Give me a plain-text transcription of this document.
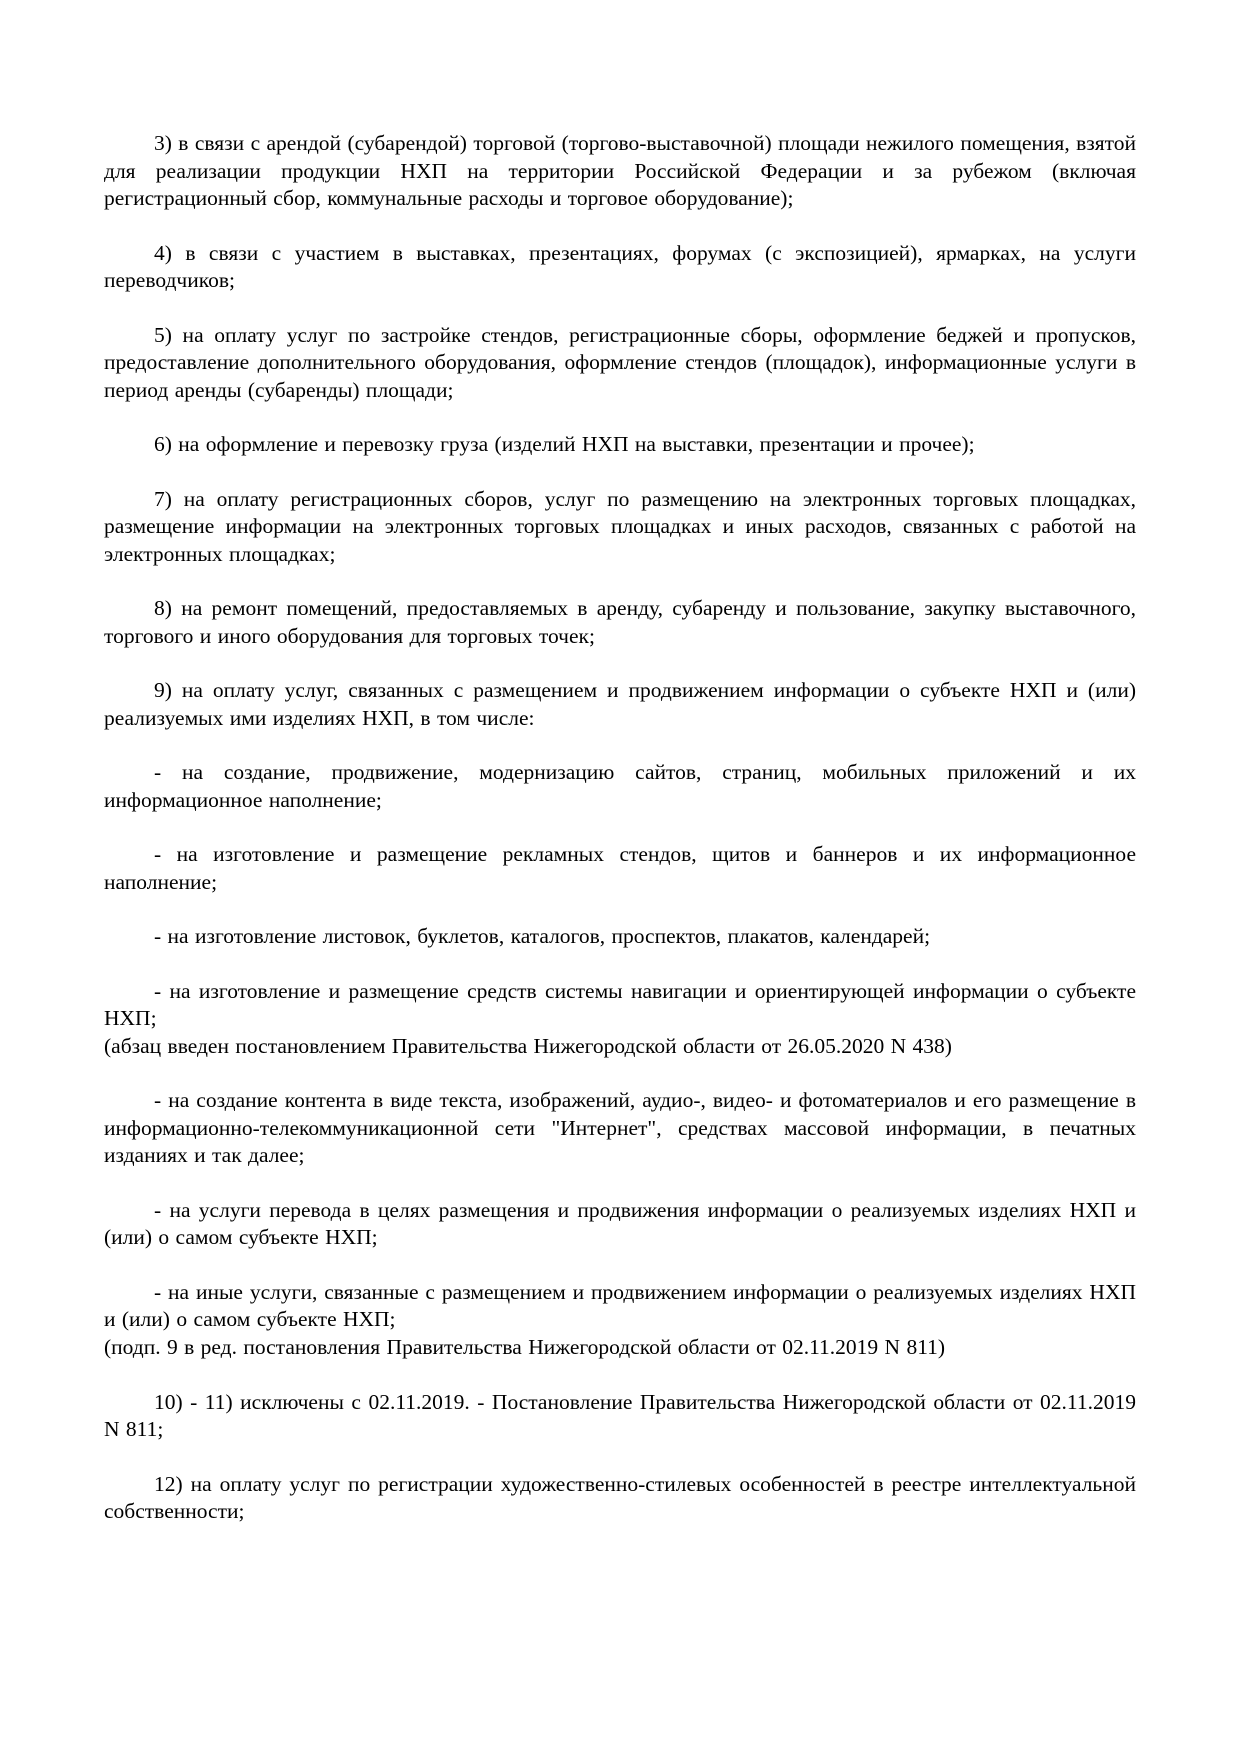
3) в связи с арендой (субарендой) торговой (торгово-выставочной) площади нежилого помещения, взятой для реализации продукции НХП на территории Российской Федерации и за рубежом (включая регистрационный сбор, коммунальные расходы и торговое оборудование);

4) в связи с участием в выставках, презентациях, форумах (с экспозицией), ярмарках, на услуги переводчиков;

5) на оплату услуг по застройке стендов, регистрационные сборы, оформление беджей и пропусков, предоставление дополнительного оборудования, оформление стендов (площадок), информационные услуги в период аренды (субаренды) площади;

6) на оформление и перевозку груза (изделий НХП на выставки, презентации и прочее);

7) на оплату регистрационных сборов, услуг по размещению на электронных торговых площадках, размещение информации на электронных торговых площадках и иных расходов, связанных с работой на электронных площадках;

8) на ремонт помещений, предоставляемых в аренду, субаренду и пользование, закупку выставочного, торгового и иного оборудования для торговых точек;

9) на оплату услуг, связанных с размещением и продвижением информации о субъекте НХП и (или) реализуемых ими изделиях НХП, в том числе:

- на создание, продвижение, модернизацию сайтов, страниц, мобильных приложений и их информационное наполнение;

- на изготовление и размещение рекламных стендов, щитов и баннеров и их информационное наполнение;

- на изготовление листовок, буклетов, каталогов, проспектов, плакатов, календарей;

- на изготовление и размещение средств системы навигации и ориентирующей информации о субъекте НХП;

(абзац введен постановлением Правительства Нижегородской области от 26.05.2020 N 438)

- на создание контента в виде текста, изображений, аудио-, видео- и фотоматериалов и его размещение в информационно-телекоммуникационной сети "Интернет", средствах массовой информации, в печатных изданиях и так далее;

- на услуги перевода в целях размещения и продвижения информации о реализуемых изделиях НХП и (или) о самом субъекте НХП;

- на иные услуги, связанные с размещением и продвижением информации о реализуемых изделиях НХП и (или) о самом субъекте НХП;

(подп. 9 в ред. постановления Правительства Нижегородской области от 02.11.2019 N 811)

10) - 11) исключены с 02.11.2019. - Постановление Правительства Нижегородской области от 02.11.2019 N 811;

12) на оплату услуг по регистрации художественно-стилевых особенностей в реестре интеллектуальной собственности;
